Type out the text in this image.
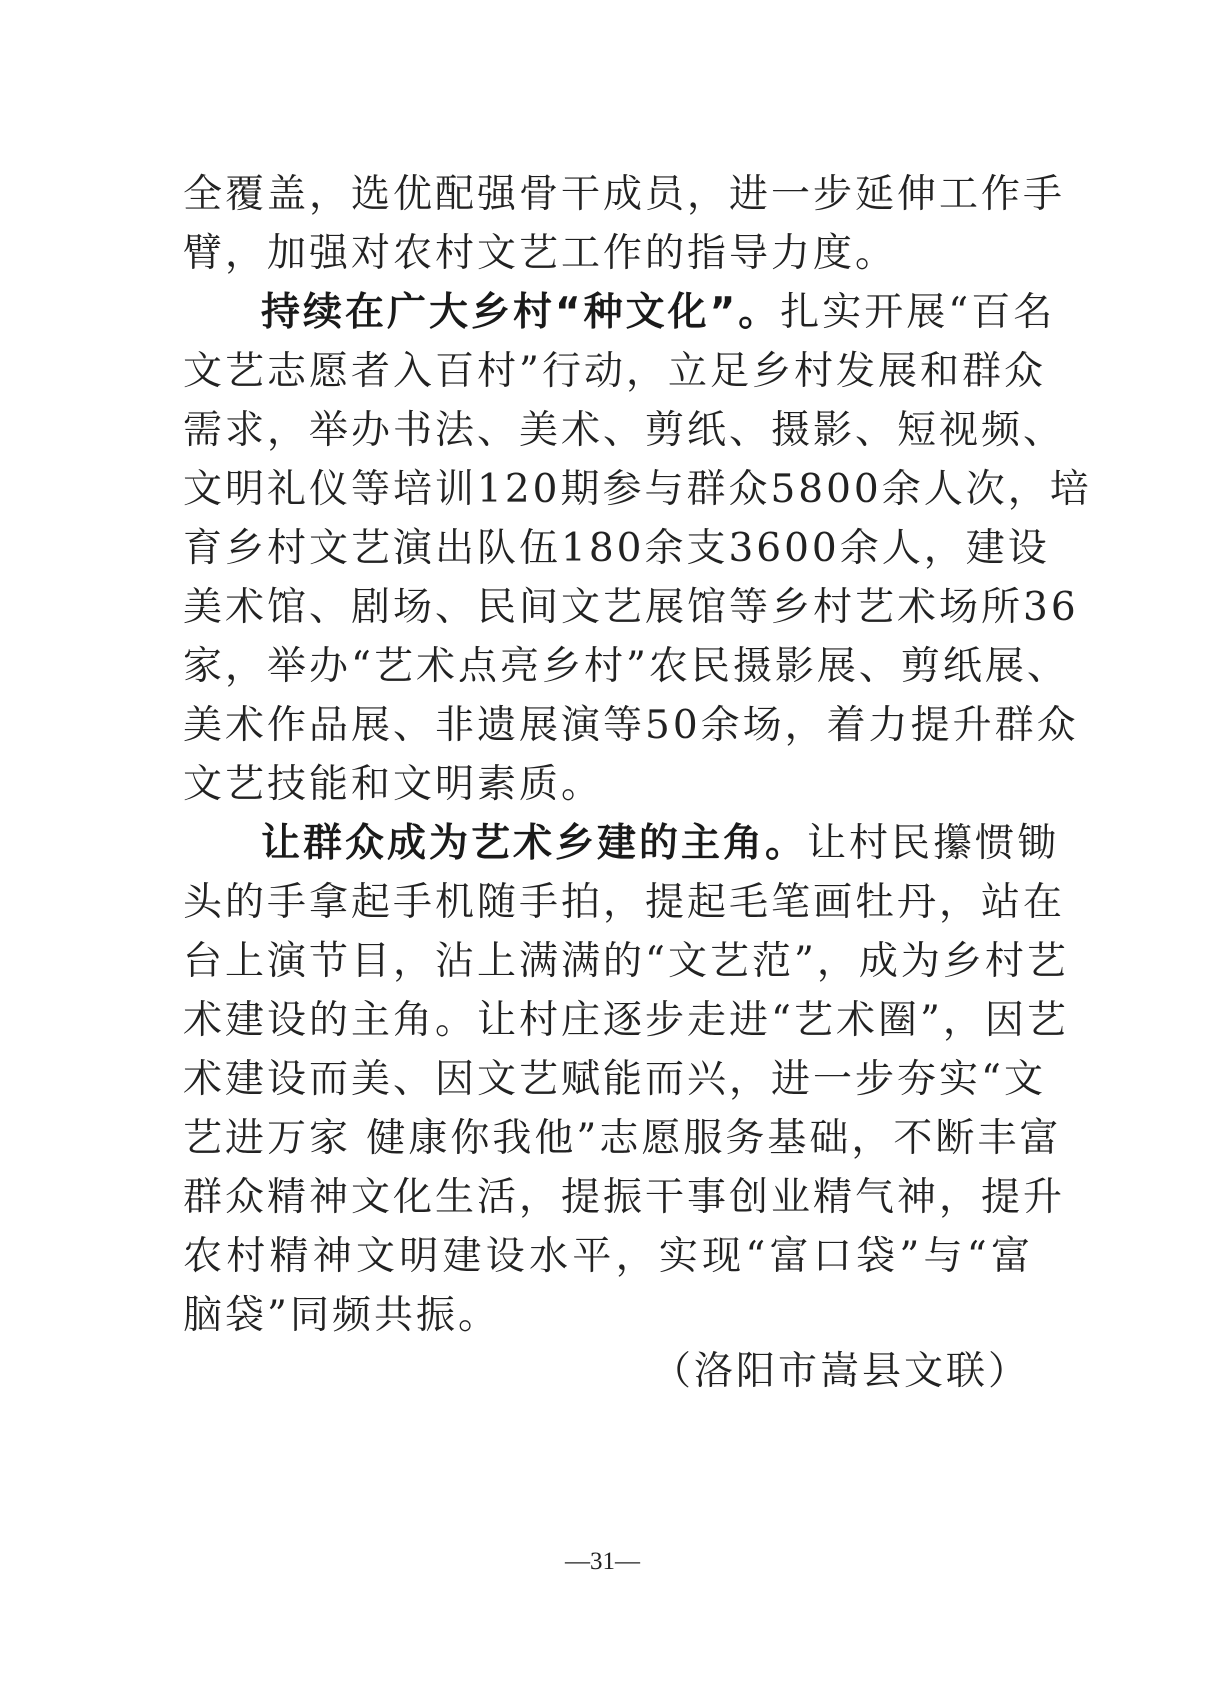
全覆盖，选优配强骨干成员，进一步延伸工作手
臂，加强对农村文艺工作的指导力度。
持续在广大乡村“种文化”。扎实开展“百名
文艺志愿者入百村”行动，立足乡村发展和群众
需求，举办书法、美术、剪纸、摄影、短视频、
文明礼仪等培训120期参与群众5800余人次，培
育乡村文艺演出队伍180余支3600余人，建设
美术馆、剧场、民间文艺展馆等乡村艺术场所36
家，举办“艺术点亮乡村”农民摄影展、剪纸展、
美术作品展、非遗展演等50余场，着力提升群众
文艺技能和文明素质。
让群众成为艺术乡建的主角。让村民攥惯锄
头的手拿起手机随手拍，提起毛笔画牡丹，站在
台上演节目，沾上满满的“文艺范”，成为乡村艺
术建设的主角。让村庄逐步走进“艺术圈”，因艺
术建设而美、因文艺赋能而兴，进一步夯实“文
艺进万家 健康你我他”志愿服务基础，不断丰富
群众精神文化生活，提振干事创业精气神，提升
农村精神文明建设水平，实现“富口袋”与“富
脑袋”同频共振。
（洛阳市嵩县文联）
—31—
